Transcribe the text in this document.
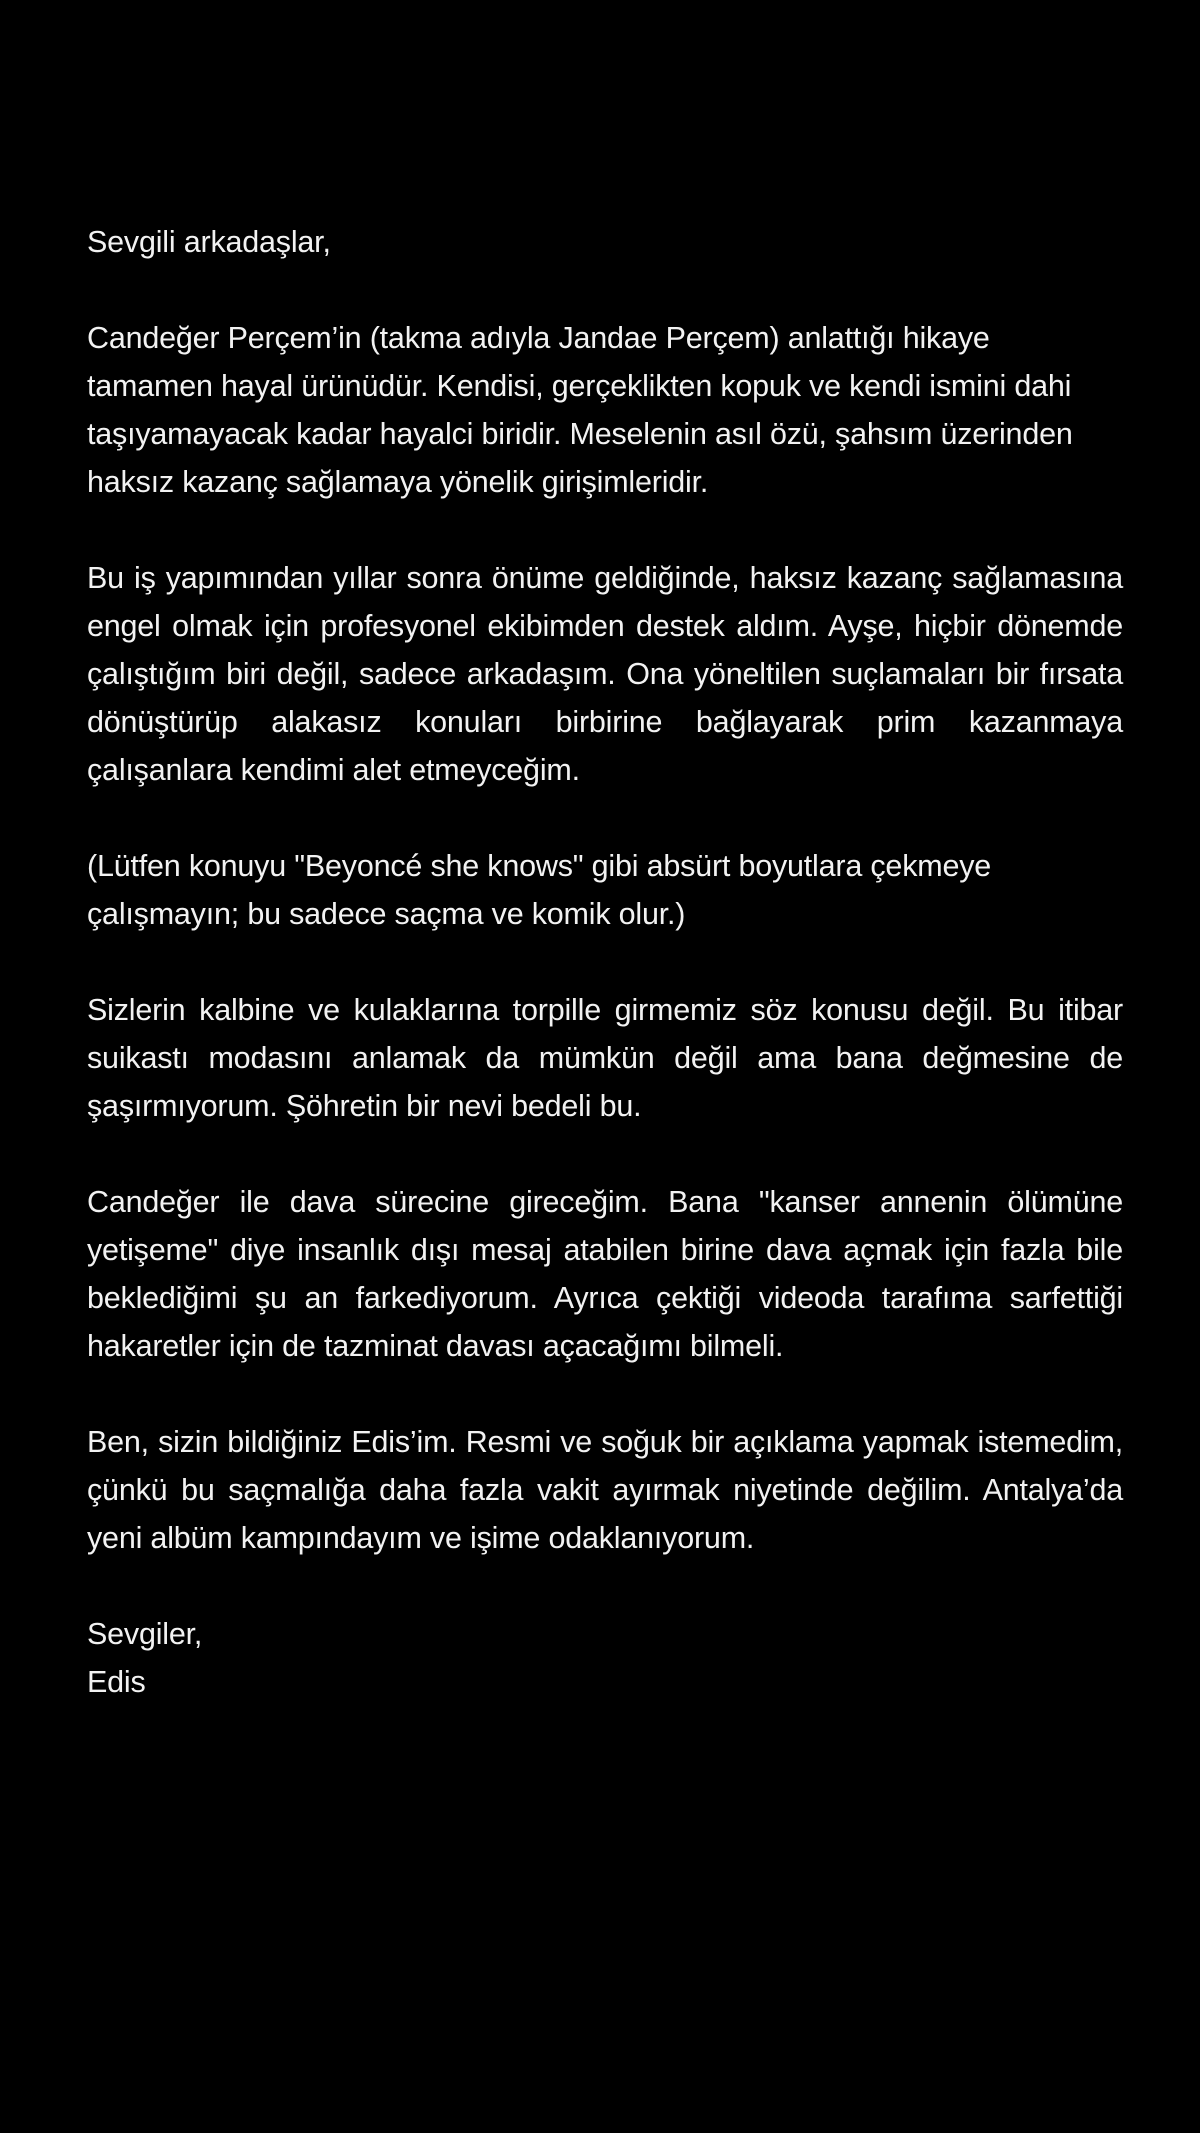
Sevgili arkadaşlar,

Candeğer Perçem’in (takma adıyla Jandae Perçem) anlattığı hikaye tamamen hayal ürünüdür. Kendisi, gerçeklikten kopuk ve kendi ismini dahi taşıyamayacak kadar hayalci biridir. Meselenin asıl özü, şahsım üzerinden haksız kazanç sağlamaya yönelik girişimleridir.

Bu iş yapımından yıllar sonra önüme geldiğinde, haksız kazanç sağlamasına engel olmak için profesyonel ekibimden destek aldım. Ayşe, hiçbir dönemde çalıştığım biri değil, sadece arkadaşım. Ona yöneltilen suçlamaları bir fırsata dönüştürüp alakasız konuları birbirine bağlayarak prim kazanmaya çalışanlara kendimi alet etmeyceğim.

(Lütfen konuyu "Beyoncé she knows" gibi absürt boyutlara çekmeye çalışmayın; bu sadece saçma ve komik olur.)

Sizlerin kalbine ve kulaklarına torpille girmemiz söz konusu değil. Bu itibar suikastı modasını anlamak da mümkün değil ama bana değmesine de şaşırmıyorum. Şöhretin bir nevi bedeli bu.

Candeğer ile dava sürecine gireceğim. Bana "kanser annenin ölümüne yetişeme" diye insanlık dışı mesaj atabilen birine dava açmak için fazla bile beklediğimi şu an farkediyorum. Ayrıca çektiği videoda tarafıma sarfettiği hakaretler için de tazminat davası açacağımı bilmeli.

Ben, sizin bildiğiniz Edis’im. Resmi ve soğuk bir açıklama yapmak istemedim, çünkü bu saçmalığa daha fazla vakit ayırmak niyetinde değilim. Antalya’da yeni albüm kampındayım ve işime odaklanıyorum.

Sevgiler,

Edis
